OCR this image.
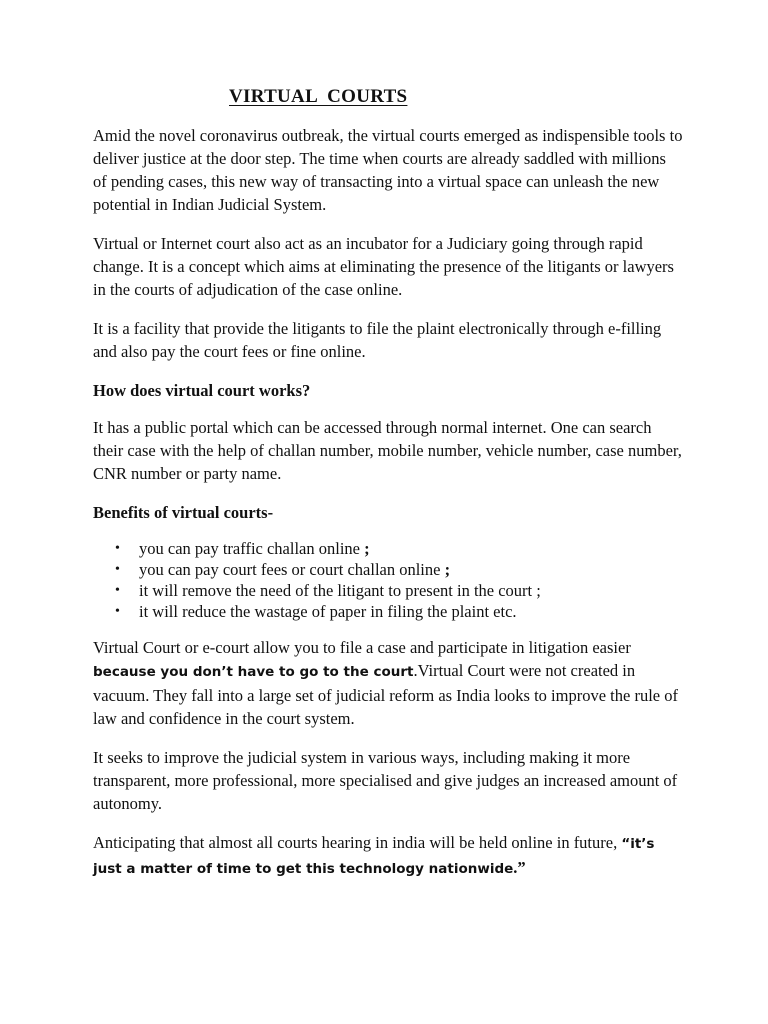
VIRTUAL  COURTS

Amid the novel coronavirus outbreak, the virtual courts emerged as indispensible tools to deliver justice at the door step. The time when courts are already saddled with millions of pending cases, this new way of transacting into a virtual space can unleash the new potential in Indian Judicial System.

Virtual or Internet court also act as an incubator for a Judiciary going through rapid change. It is a concept which aims at eliminating the presence of the litigants or lawyers in the courts of adjudication of the case online.

It is a facility that provide the litigants to file the plaint electronically through e-filling and also pay the court fees or fine online.

How does virtual court works?

It has a public portal which can be accessed through normal internet. One can search their case with the help of challan number, mobile number, vehicle number, case number, CNR number or party name.

Benefits of virtual courts-
• you can pay traffic challan online ;
• you can pay court fees or court challan online ;
• it will remove the need of the litigant to present in the court ;
• it will reduce the wastage of paper in filing the plaint etc.

Virtual Court or e-court allow you to file a case and participate in litigation easier because you don’t have to go to the court.Virtual Court were not created in vacuum. They fall into a large set of judicial reform as India looks to improve the rule of law and confidence in the court system.

It seeks to improve the judicial system in various ways, including making it more transparent, more professional, more specialised and give judges an increased amount of autonomy.

Anticipating that almost all courts hearing in india will be held online in future, “it’s just a matter of time to get this technology nationwide.”
